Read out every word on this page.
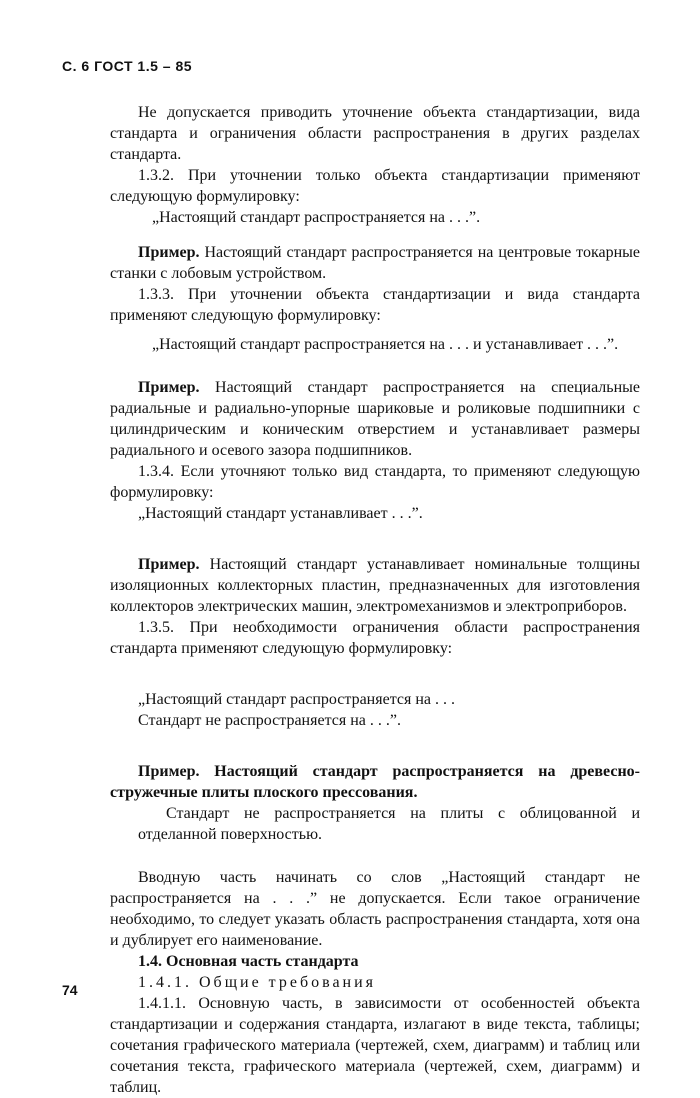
С. 6 ГОСТ 1.5 – 85

Не допускается приводить уточнение объекта стандартизации, вида стандарта и ограничения области распространения в других разделах стандарта.

1.3.2. При уточнении только объекта стандартизации применяют следующую формулировку:

„Настоящий стандарт распространяется на . . .”.

Пример. Настоящий стандарт распространяется на центровые токарные станки с лобовым устройством.

1.3.3. При уточнении объекта стандартизации и вида стандарта применяют следующую формулировку:

„Настоящий стандарт распространяется на . . . и устанавливает . . .”.

Пример. Настоящий стандарт распространяется на специальные радиальные и радиально-упорные шариковые и роликовые подшипники с цилиндрическим и коническим отверстием и устанавливает размеры радиального и осевого зазора подшипников.

1.3.4. Если уточняют только вид стандарта, то применяют следующую формулировку:

„Настоящий стандарт устанавливает . . .”.

Пример. Настоящий стандарт устанавливает номинальные толщины изоляционных коллекторных пластин, предназначенных для изготовления коллекторов электрических машин, электромеханизмов и электроприборов.

1.3.5. При необходимости ограничения области распространения стандарта применяют следующую формулировку:

„Настоящий стандарт распространяется на . . .

Стандарт не распространяется на . . .”.

Пример. Настоящий стандарт распространяется на древесно-стружечные плиты плоского прессования.

Стандарт не распространяется на плиты с облицованной и отделанной поверхностью.

Вводную часть начинать со слов „Настоящий стандарт не распространяется на . . .” не допускается. Если такое ограничение необходимо, то следует указать область распространения стандарта, хотя она и дублирует его наименование.

1.4. Основная часть стандарта

1.4.1. Общие требования

1.4.1.1. Основную часть, в зависимости от особенностей объекта стандартизации и содержания стандарта, излагают в виде текста, таблицы; сочетания графического материала (чертежей, схем, диаграмм) и таблиц или сочетания текста, графического материала (чертежей, схем, диаграмм) и таблиц.

74
